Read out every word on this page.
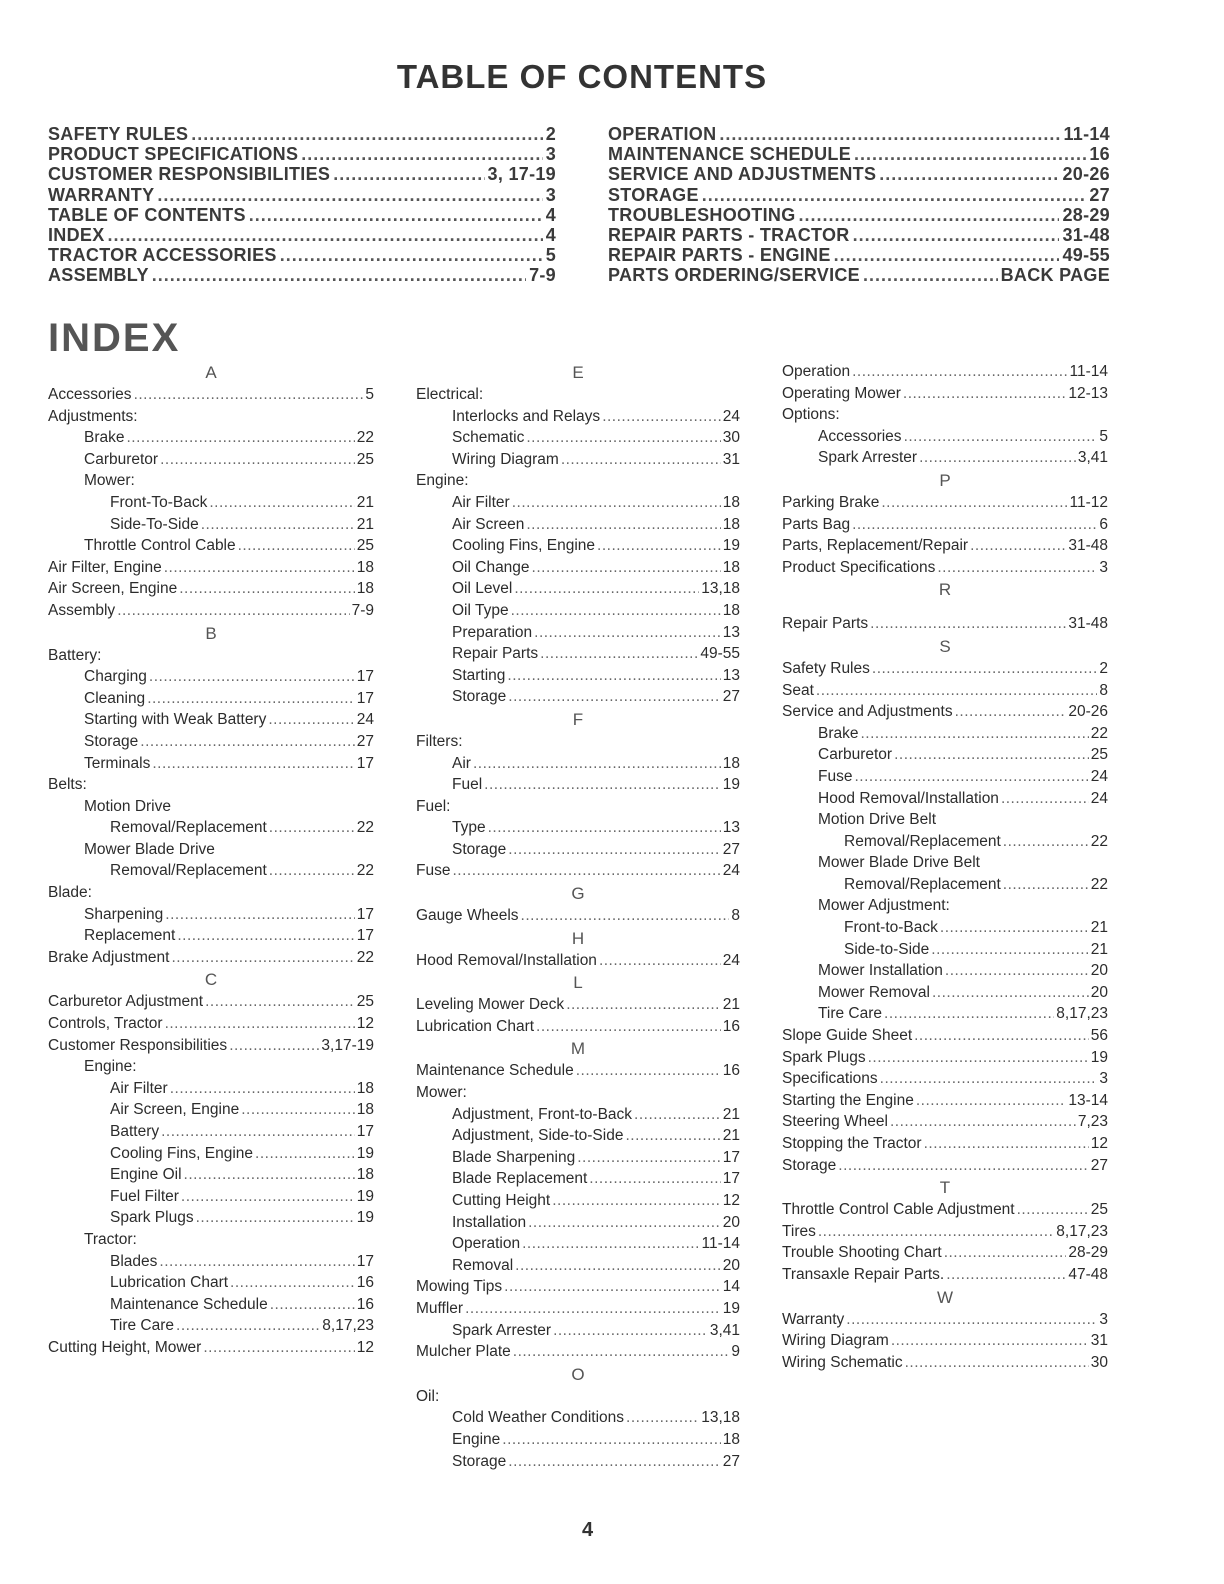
TABLE OF CONTENTS
SAFETY RULES .....	2
PRODUCT SPECIFICATIONS .....	3
CUSTOMER RESPONSIBILITIES .....	3, 17-19
WARRANTY .....	3
TABLE OF CONTENTS .....	4
INDEX .....	4
TRACTOR ACCESSORIES .....	5
ASSEMBLY .....	7-9
OPERATION .....	11-14
MAINTENANCE SCHEDULE .....	16
SERVICE AND ADJUSTMENTS .....	20-26
STORAGE .....	27
TROUBLESHOOTING .....	28-29
REPAIR PARTS - TRACTOR .....	31-48
REPAIR PARTS - ENGINE .....	49-55
PARTS ORDERING/SERVICE .....	BACK PAGE
INDEX
A
Accessories .....	5
Adjustments:
Brake .....	22
Carburetor .....	25
Mower:
Front-To-Back .....	21
Side-To-Side .....	21
Throttle Control Cable .....	25
Air Filter, Engine .....	18
Air Screen, Engine .....	18
Assembly .....	7-9
B
Battery:
Charging .....	17
Cleaning .....	17
Starting with Weak Battery .....	24
Storage .....	27
Terminals .....	17
Belts:
Motion Drive
Removal/Replacement .....	22
Mower Blade Drive
Removal/Replacement .....	22
Blade:
Sharpening .....	17
Replacement .....	17
Brake Adjustment .....	22
C
Carburetor Adjustment .....	25
Controls, Tractor .....	12
Customer Responsibilities .....	3,17-19
Engine:
Air Filter .....	18
Air Screen, Engine .....	18
Battery .....	17
Cooling Fins, Engine .....	19
Engine Oil .....	18
Fuel Filter .....	19
Spark Plugs .....	19
Tractor:
Blades .....	17
Lubrication Chart .....	16
Maintenance Schedule .....	16
Tire Care .....	8,17,23
Cutting Height, Mower .....	12
E
Electrical:
Interlocks and Relays .....	24
Schematic .....	30
Wiring Diagram .....	31
Engine:
Air Filter .....	18
Air Screen .....	18
Cooling Fins, Engine .....	19
Oil Change .....	18
Oil Level .....	13,18
Oil Type .....	18
Preparation .....	13
Repair Parts .....	49-55
Starting .....	13
Storage .....	27
F
Filters:
Air .....	18
Fuel .....	19
Fuel:
Type .....	13
Storage .....	27
Fuse .....	24
G
Gauge Wheels .....	8
H
Hood Removal/Installation .....	24
L
Leveling Mower Deck .....	21
Lubrication Chart .....	16
M
Maintenance Schedule .....	16
Mower:
Adjustment, Front-to-Back .....	21
Adjustment, Side-to-Side .....	21
Blade Sharpening .....	17
Blade Replacement .....	17
Cutting Height .....	12
Installation .....	20
Operation .....	11-14
Removal .....	20
Mowing Tips .....	14
Muffler .....	19
Spark Arrester .....	3,41
Mulcher Plate .....	9
O
Oil:
Cold Weather Conditions .....	13,18
Engine .....	18
Storage .....	27
Operation .....	11-14
Operating Mower .....	12-13
Options:
Accessories .....	5
Spark Arrester .....	3,41
P
Parking Brake .....	11-12
Parts Bag .....	6
Parts, Replacement/Repair .....	31-48
Product Specifications .....	3
R
Repair Parts .....	31-48
S
Safety Rules .....	2
Seat .....	8
Service and Adjustments .....	20-26
Brake .....	22
Carburetor .....	25
Fuse .....	24
Hood Removal/Installation .....	24
Motion Drive Belt
Removal/Replacement .....	22
Mower Blade Drive Belt
Removal/Replacement .....	22
Mower Adjustment:
Front-to-Back .....	21
Side-to-Side .....	21
Mower Installation .....	20
Mower Removal .....	20
Tire Care .....	8,17,23
Slope Guide Sheet .....	56
Spark Plugs .....	19
Specifications .....	3
Starting the Engine .....	13-14
Steering Wheel .....	7,23
Stopping the Tractor .....	12
Storage .....	27
T
Throttle Control Cable Adjustment .....	25
Tires .....	8,17,23
Trouble Shooting Chart .....	28-29
Transaxle Repair Parts. .....	47-48
W
Warranty .....	3
Wiring Diagram .....	31
Wiring Schematic .....	30
4
